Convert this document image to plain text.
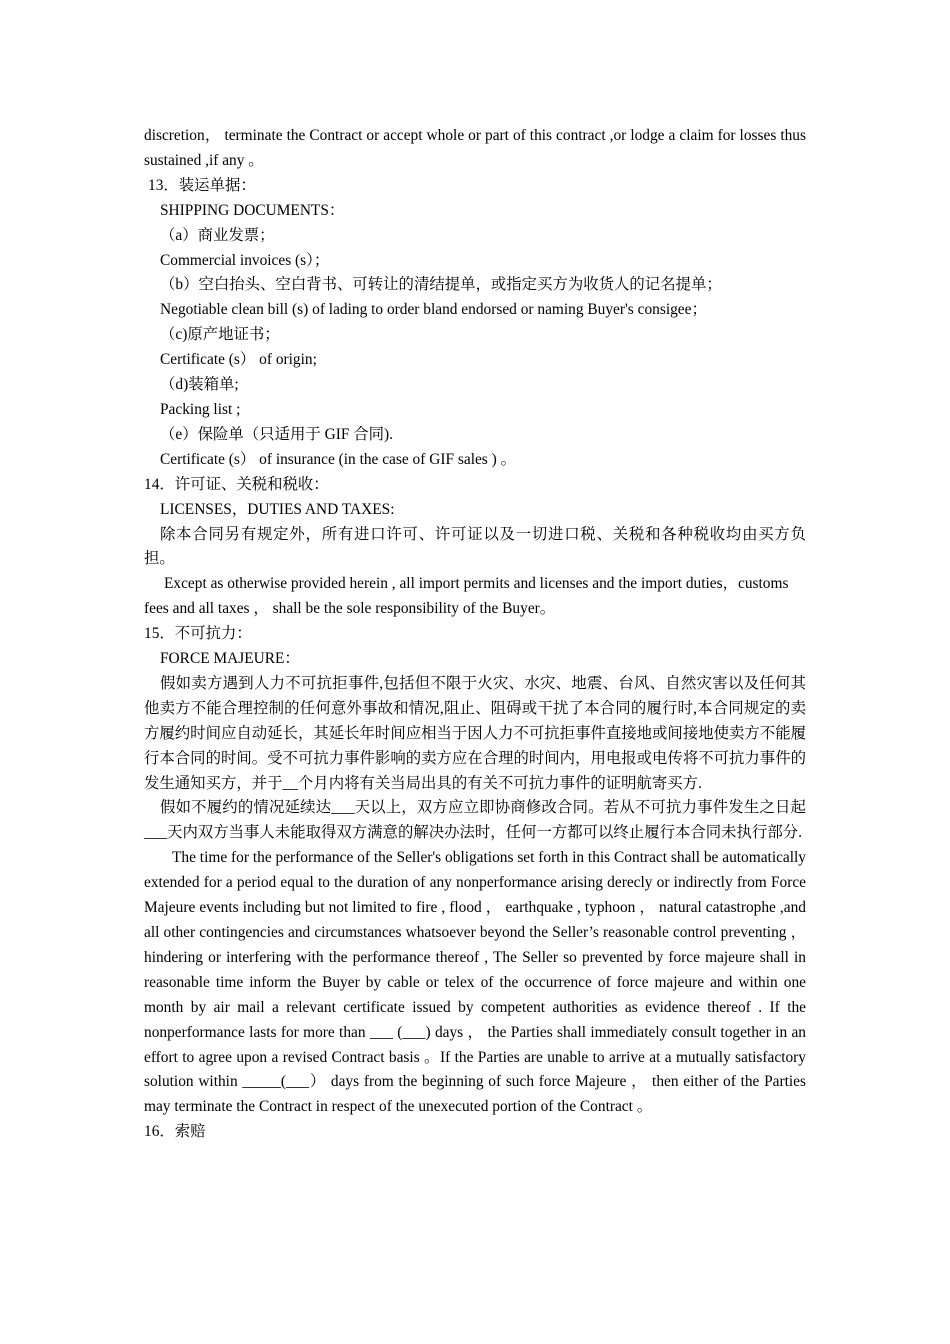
discretion， terminate the Contract or accept whole or part of this contract ,or lodge a claim for losses thus sustained ,if any 。

13．装运单据：

SHIPPING DOCUMENTS：

（a）商业发票；

Commercial invoices (s）；

（b）空白抬头、空白背书、可转让的清结提单，或指定买方为收货人的记名提单；

Negotiable clean bill (s) of lading to order bland endorsed or naming Buyer's consigee；

（c)原产地证书；

Certificate (s） of origin;

（d)装箱单;

Packing list ;

（e）保险单（只适用于 GIF 合同).

Certificate (s） of insurance (in the case of GIF sales ) 。

14．许可证、关税和税收：

LICENSES，DUTIES AND TAXES:

除本合同另有规定外，所有进口许可、许可证以及一切进口税、关税和各种税收均由买方负担。

Except as otherwise provided herein , all import permits and licenses and the import duties，customs fees and all taxes ， shall be the sole responsibility of the Buyer。

15．不可抗力：

FORCE MAJEURE：

假如卖方遇到人力不可抗拒事件,包括但不限于火灾、水灾、地震、台风、自然灾害以及任何其他卖方不能合理控制的任何意外事故和情况,阻止、阻碍或干扰了本合同的履行时,本合同规定的卖方履约时间应自动延长，其延长年时间应相当于因人力不可抗拒事件直接地或间接地使卖方不能履行本合同的时间。受不可抗力事件影响的卖方应在合理的时间内，用电报或电传将不可抗力事件的发生通知买方，并于__个月内将有关当局出具的有关不可抗力事件的证明航寄买方.

假如不履约的情况延续达___天以上，双方应立即协商修改合同。若从不可抗力事件发生之日起___天内双方当事人未能取得双方满意的解决办法时，任何一方都可以终止履行本合同未执行部分.

The time for the performance of the Seller's obligations set forth in this Contract shall be automatically extended for a period equal to the duration of any nonperformance arising derecly or indirectly from Force Majeure events including but not limited to fire , flood ， earthquake , typhoon ， natural catastrophe ,and all other contingencies and circumstances whatsoever beyond the Seller’s reasonable control preventing ， hindering or interfering with the performance thereof , The Seller so prevented by force majeure shall in reasonable time inform the Buyer by cable or telex of the occurrence of force majeure and within one month by air mail a relevant certificate issued by competent authorities as evidence thereof . If the nonperformance lasts for more than ___ (___) days ， the Parties shall immediately consult together in an effort to agree upon a revised Contract basis 。If the Parties are unable to arrive at a mutually satisfactory solution within _____(___） days from the beginning of such force Majeure ， then either of the Parties may terminate the Contract in respect of the unexecuted portion of the Contract 。

16．索赔
